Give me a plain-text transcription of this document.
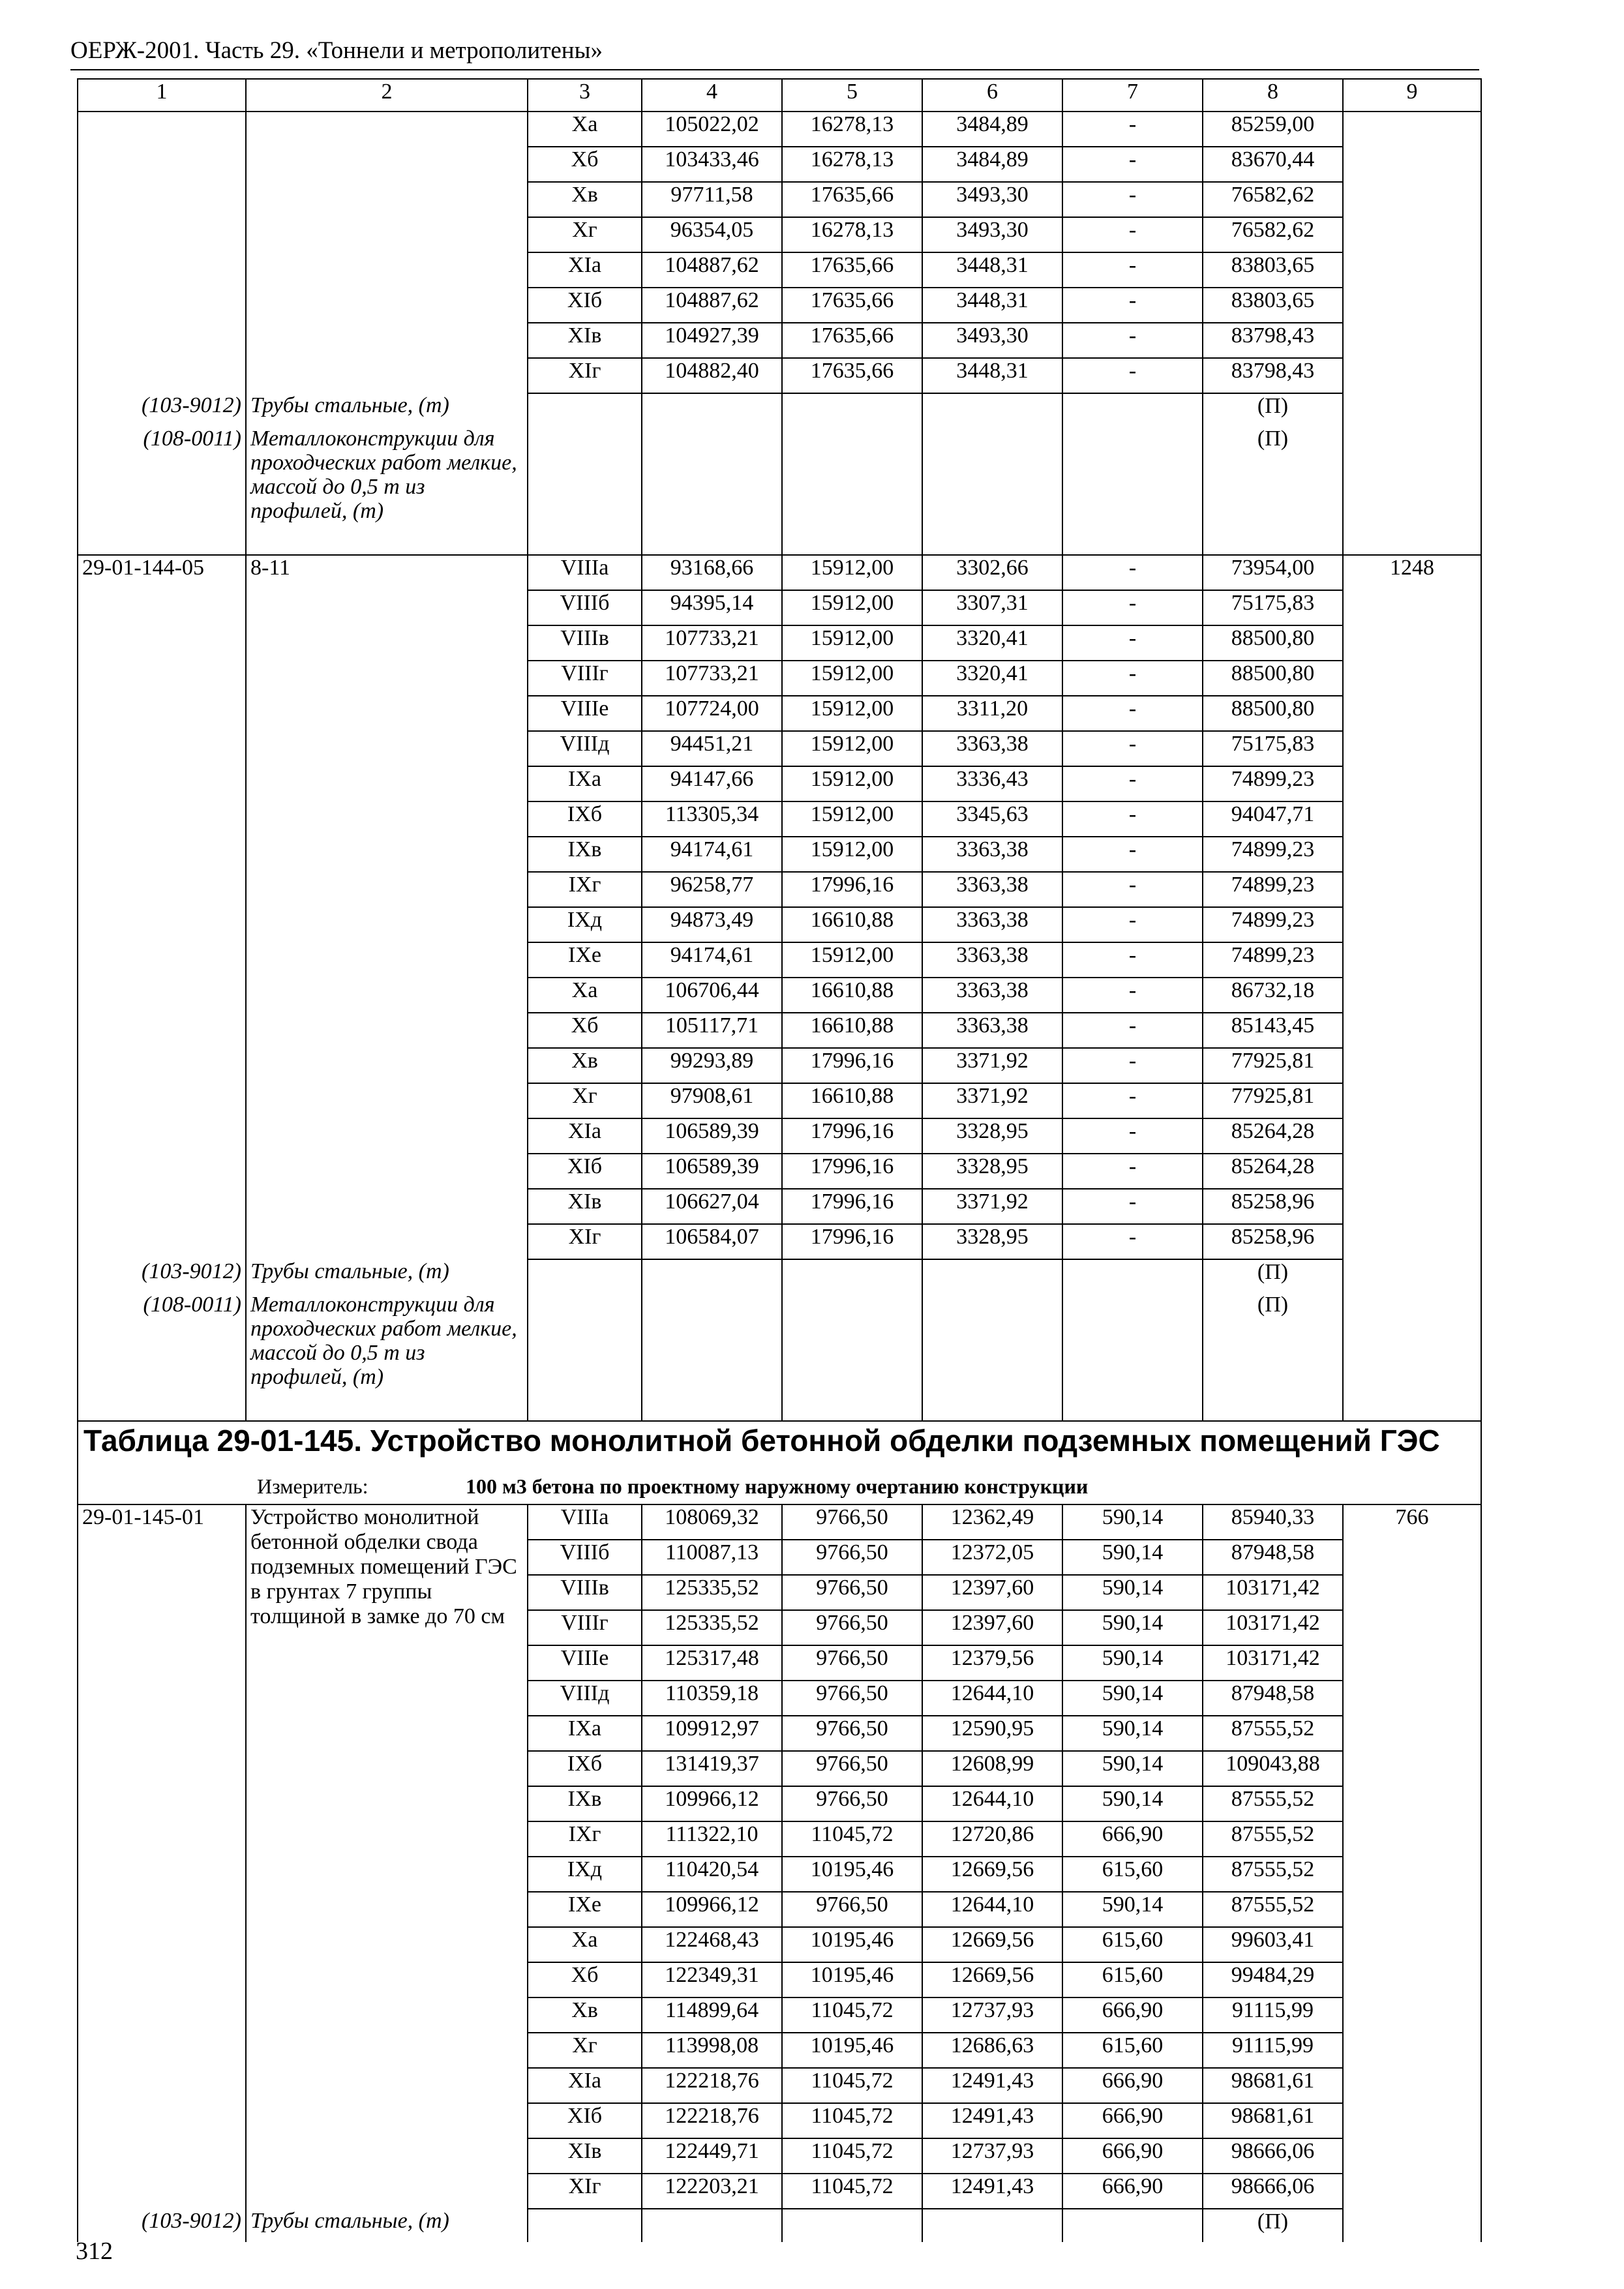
ОЕРЖ-2001. Часть 29. «Тоннели и метрополитены»
1	2	3	4	5	6	7	8	9
		Xa	105022,02	16278,13	3484,89	-	85259,00	
		Xб	103433,46	16278,13	3484,89	-	83670,44	
		Xв	97711,58	17635,66	3493,30	-	76582,62	
		Xг	96354,05	16278,13	3493,30	-	76582,62	
		XIa	104887,62	17635,66	3448,31	-	83803,65	
		XIб	104887,62	17635,66	3448,31	-	83803,65	
		XIв	104927,39	17635,66	3493,30	-	83798,43	
		XIг	104882,40	17635,66	3448,31	-	83798,43	
(103-9012)	Трубы стальные, (т)						(П)	
(108-0011)	Металлоконструкции для проходческих работ мелкие, массой до 0,5 т из профилей, (т)						(П)	
29-01-144-05	8-11	VIIIa	93168,66	15912,00	3302,66	-	73954,00	1248
		VIIIб	94395,14	15912,00	3307,31	-	75175,83	
		VIIIв	107733,21	15912,00	3320,41	-	88500,80	
		VIIIг	107733,21	15912,00	3320,41	-	88500,80	
		VIIIe	107724,00	15912,00	3311,20	-	88500,80	
		VIIIд	94451,21	15912,00	3363,38	-	75175,83	
		IXa	94147,66	15912,00	3336,43	-	74899,23	
		IXб	113305,34	15912,00	3345,63	-	94047,71	
		IXв	94174,61	15912,00	3363,38	-	74899,23	
		IXг	96258,77	17996,16	3363,38	-	74899,23	
		IXд	94873,49	16610,88	3363,38	-	74899,23	
		IXe	94174,61	15912,00	3363,38	-	74899,23	
		Xa	106706,44	16610,88	3363,38	-	86732,18	
		Xб	105117,71	16610,88	3363,38	-	85143,45	
		Xв	99293,89	17996,16	3371,92	-	77925,81	
		Xг	97908,61	16610,88	3371,92	-	77925,81	
		XIa	106589,39	17996,16	3328,95	-	85264,28	
		XIб	106589,39	17996,16	3328,95	-	85264,28	
		XIв	106627,04	17996,16	3371,92	-	85258,96	
		XIг	106584,07	17996,16	3328,95	-	85258,96	
(103-9012)	Трубы стальные, (т)						(П)	
(108-0011)	Металлоконструкции для проходческих работ мелкие, массой до 0,5 т из профилей, (т)						(П)	
Таблица 29-01-145. Устройство монолитной бетонной обделки подземных помещений ГЭС								
Измеритель: 100 м3 бетона по проектному наружному очертанию конструкции								
29-01-145-01	Устройство монолитной бетонной обделки свода подземных помещений ГЭС в грунтах 7 группы толщиной в замке до 70 см	VIIIa	108069,32	9766,50	12362,49	590,14	85940,33	766
		VIIIб	110087,13	9766,50	12372,05	590,14	87948,58	
		VIIIв	125335,52	9766,50	12397,60	590,14	103171,42	
		VIIIг	125335,52	9766,50	12397,60	590,14	103171,42	
		VIIIe	125317,48	9766,50	12379,56	590,14	103171,42	
		VIIIд	110359,18	9766,50	12644,10	590,14	87948,58	
		IXa	109912,97	9766,50	12590,95	590,14	87555,52	
		IXб	131419,37	9766,50	12608,99	590,14	109043,88	
		IXв	109966,12	9766,50	12644,10	590,14	87555,52	
		IXг	111322,10	11045,72	12720,86	666,90	87555,52	
		IXд	110420,54	10195,46	12669,56	615,60	87555,52	
		IXe	109966,12	9766,50	12644,10	590,14	87555,52	
		Xa	122468,43	10195,46	12669,56	615,60	99603,41	
		Xб	122349,31	10195,46	12669,56	615,60	99484,29	
		Xв	114899,64	11045,72	12737,93	666,90	91115,99	
		Xг	113998,08	10195,46	12686,63	615,60	91115,99	
		XIa	122218,76	11045,72	12491,43	666,90	98681,61	
		XIб	122218,76	11045,72	12491,43	666,90	98681,61	
		XIв	122449,71	11045,72	12737,93	666,90	98666,06	
		XIг	122203,21	11045,72	12491,43	666,90	98666,06	
(103-9012)	Трубы стальные, (т)						(П)	
312
